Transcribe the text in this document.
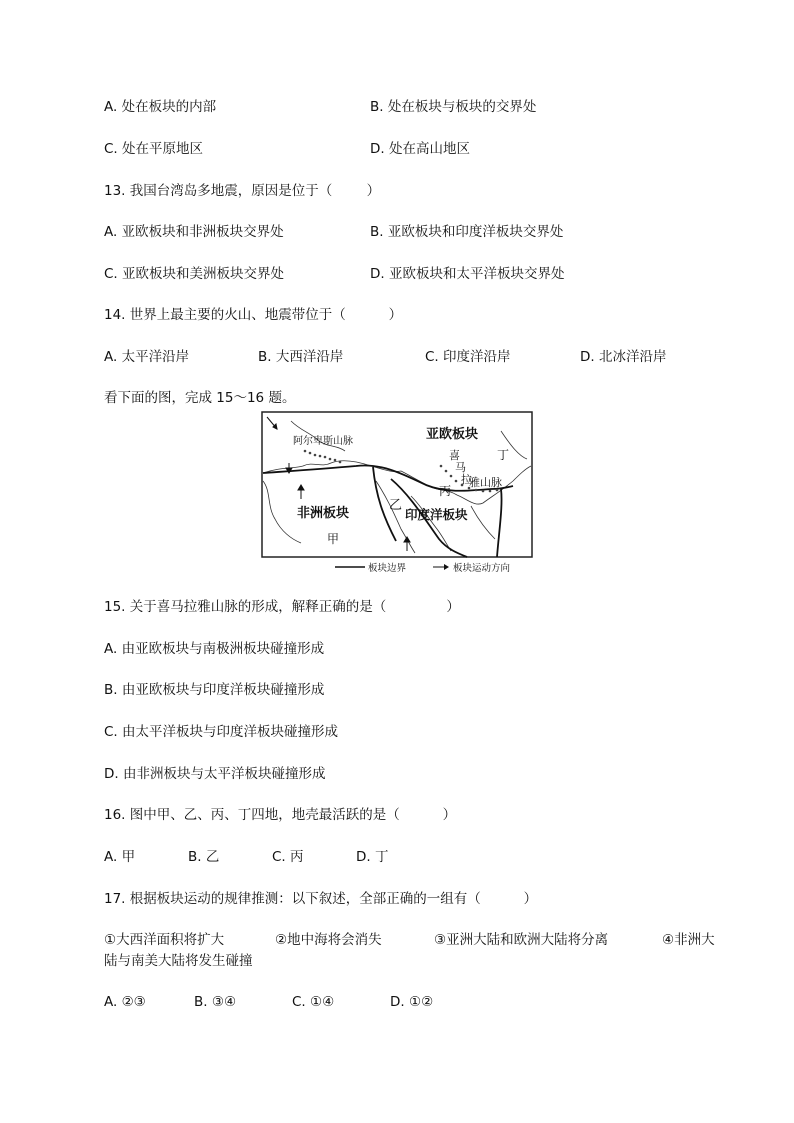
A. 处在板块的内部	B. 处在板块与板块的交界处
C. 处在平原地区	D. 处在高山地区
13. 我国台湾岛多地震，原因是位于（        ）
A. 亚欧板块和非洲板块交界处	B. 亚欧板块和印度洋板块交界处
C. 亚欧板块和美洲板块交界处	D. 亚欧板块和太平洋板块交界处
14. 世界上最主要的火山、地震带位于（          ）
A. 太平洋沿岸	B. 大西洋沿岸	C. 印度洋沿岸	D. 北冰洋沿岸
看下面的图，完成 15～16 题。
亚欧板块
阿尔卑斯山脉
喜
马
拉
雅山脉
丁
丙
乙
印度洋板块
非洲板块
甲
板块边界	板块运动方向
15. 关于喜马拉雅山脉的形成，解释正确的是（              ）
A. 由亚欧板块与南极洲板块碰撞形成
B. 由亚欧板块与印度洋板块碰撞形成
C. 由太平洋板块与印度洋板块碰撞形成
D. 由非洲板块与太平洋板块碰撞形成
16. 图中甲、乙、丙、丁四地，地壳最活跃的是（          ）
A. 甲	B. 乙	C. 丙	D. 丁
17. 根据板块运动的规律推测：以下叙述，全部正确的一组有（          ）
①大西洋面积将扩大	②地中海将会消失	③亚洲大陆和欧洲大陆将分离	④非洲大
陆与南美大陆将发生碰撞
A. ②③	B. ③④	C. ①④	D. ①②
